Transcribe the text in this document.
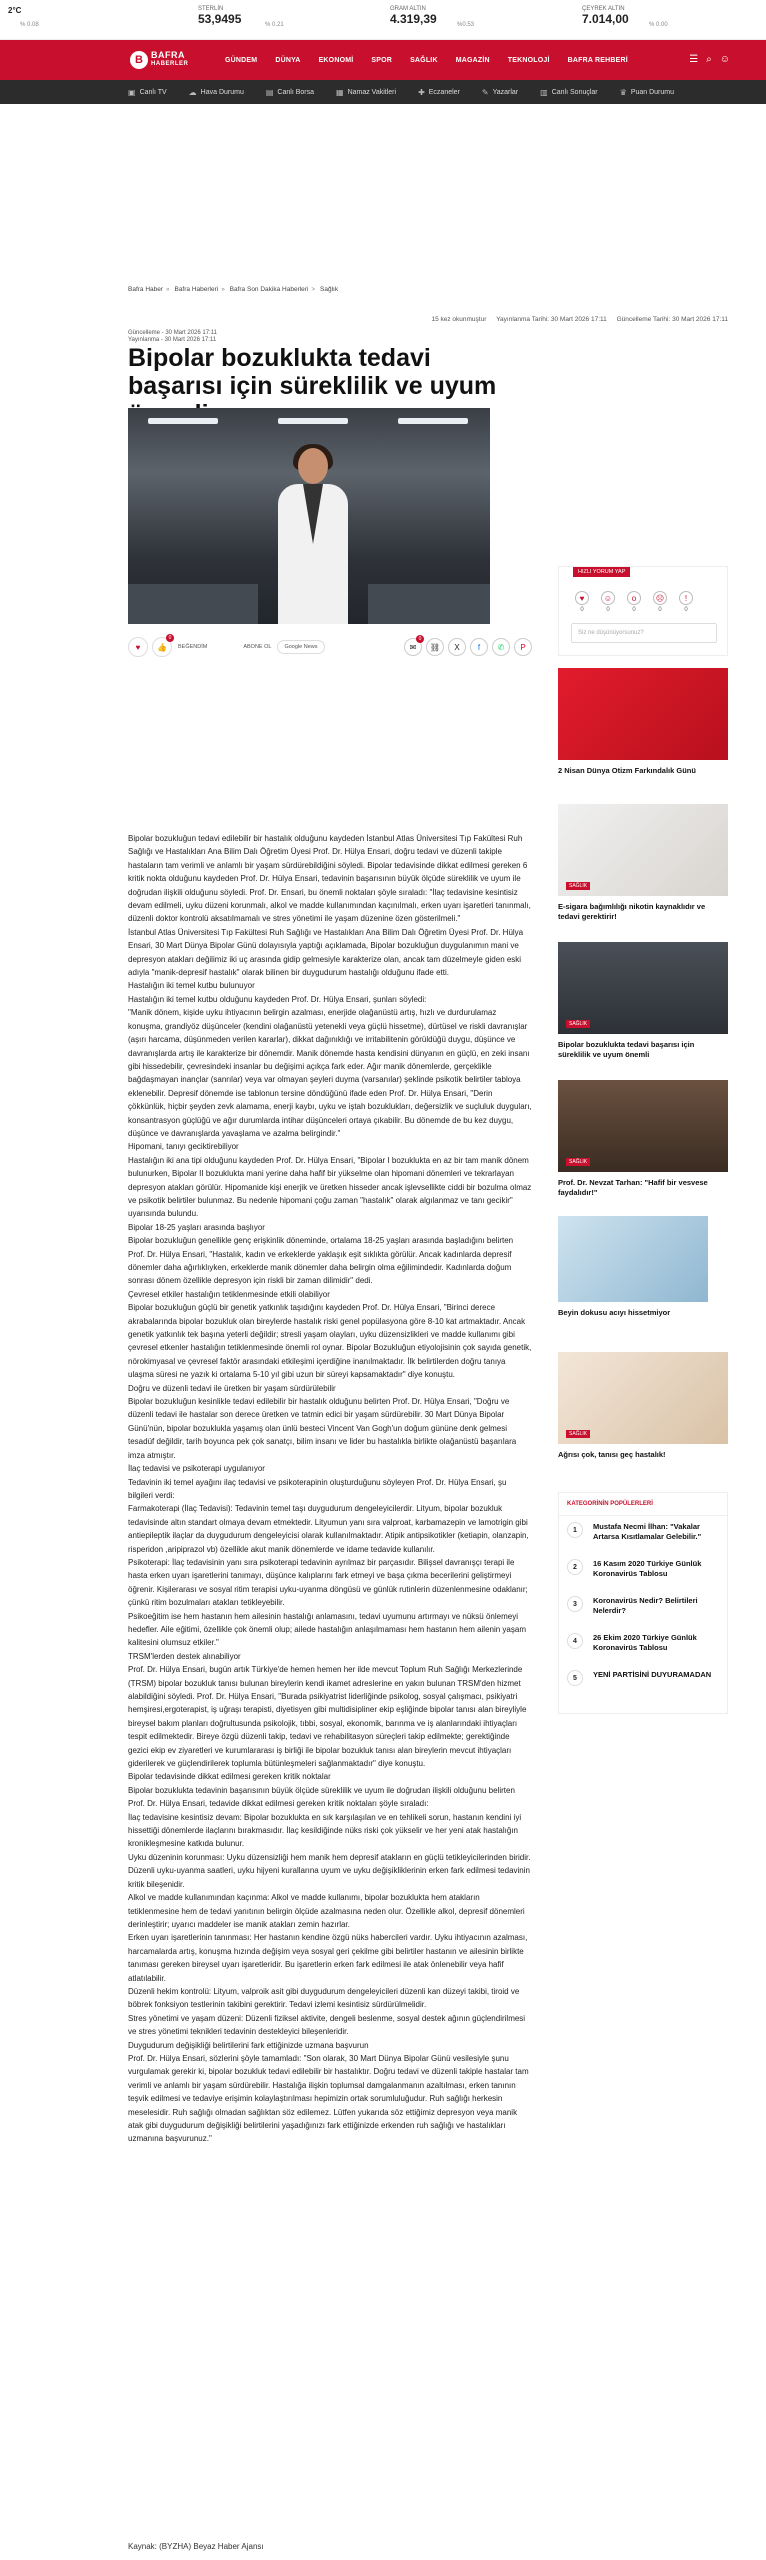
2°C
% 0.08
STERLİN
53,9495	% 0.21
GRAM ALTIN
4.319,39	%0.53
ÇEYREK ALTIN
7.014,00	% 0.00
B BAFRA
HABERLER
GÜNDEM	DÜNYA	EKONOMİ	SPOR	SAĞLIK	MAGAZİN	TEKNOLOJİ	BAFRA REHBERİ	☰ ⌕ ☺
▣ Canlı TV	☁ Hava Durumu	▤ Canlı Borsa	▦ Namaz Vakitleri	✚ Eczaneler	✎ Yazarlar	▥ Canlı Sonuçlar	♛ Puan Durumu
Bafra Haber » Bafra Haberleri » Bafra Son Dakika Haberleri > Sağlık
15 kez okunmuştur Yayınlanma Tarihi: 30 Mart 2026 17:11 Güncelleme Tarihi: 30 Mart 2026 17:11
Güncelleme - 30 Mart 2026 17:11
Yayınlanma - 30 Mart 2026 17:11
Bipolar bozuklukta tedavi başarısı için süreklilik ve uyum
♥	👍
0
BEĞENDİM	ABONE OL Google News	✉
0
⛓	X	f	✆	P

Bipolar bozukluğun tedavi edilebilir bir hastalık olduğunu kaydeden İstanbul Atlas Üniversitesi Tıp Fakültesi Ruh Sağlığı ve Hastalıkları Ana Bilim Dalı Öğretim Üyesi Prof. Dr. Hülya Ensari, doğru tedavi ve düzenli takiple hastaların tam verimli ve anlamlı bir yaşam sürdürebildiğini söyledi. Bipolar tedavisinde dikkat edilmesi gereken 6 kritik nokta olduğunu kaydeden Prof. Dr. Hülya Ensari, tedavinin başarısının büyük ölçüde süreklilik ve uyum ile doğrudan ilişkili olduğunu söyledi. Prof. Dr. Ensari, bu önemli noktaları şöyle sıraladı: "İlaç tedavisine kesintisiz devam edilmeli, uyku düzeni korunmalı, alkol ve madde kullanımından kaçınılmalı, erken uyarı işaretleri tanınmalı, düzenli doktor kontrolü aksatılmamalı ve stres yönetimi ile yaşam düzenine özen gösterilmeli."

İstanbul Atlas Üniversitesi Tıp Fakültesi Ruh Sağlığı ve Hastalıkları Ana Bilim Dalı Öğretim Üyesi Prof. Dr. Hülya Ensari, 30 Mart Dünya Bipolar Günü dolayısıyla yaptığı açıklamada, Bipolar bozukluğun duygulanımın mani ve depresyon atakları değilimiz iki uç arasında gidip gelmesiyle karakterize olan, ancak tam düzelmeyle giden eski adıyla "manik-depresif hastalık" olarak bilinen bir duygudurum hastalığı olduğunu ifade etti.

Hastalığın iki temel kutbu bulunuyor

Hastalığın iki temel kutbu olduğunu kaydeden Prof. Dr. Hülya Ensari, şunları söyledi:

"Manik dönem, kişide uyku ihtiyacının belirgin azalması, enerjide olağanüstü artış, hızlı ve durdurulamaz konuşma, grandiyöz düşünceler (kendini olağanüstü yetenekli veya güçlü hissetme), dürtüsel ve riskli davranışlar (aşırı harcama, düşünmeden verilen kararlar), dikkat dağınıklığı ve irritabilitenin görüldüğü duygu, düşünce ve davranışlarda artış ile karakterize bir dönemdir. Manik dönemde hasta kendisini dünyanın en güçlü, en zeki insanı gibi hissedebilir, çevresindeki insanlar bu değişimi açıkça fark eder. Ağır manik dönemlerde, gerçeklikle bağdaşmayan inançlar (sanrılar) veya var olmayan şeyleri duyma (varsanılar) şeklinde psikotik belirtiler tabloya eklenebilir. Depresif dönemde ise tablonun tersine döndüğünü ifade eden Prof. Dr. Hülya Ensari, "Derin çökkünlük, hiçbir şeyden zevk alamama, enerji kaybı, uyku ve iştah bozuklukları, değersizlik ve suçluluk duyguları, konsantrasyon güçlüğü ve ağır durumlarda intihar düşünceleri ortaya çıkabilir. Bu dönemde de bu kez duygu, düşünce ve davranışlarda yavaşlama ve azalma belirgindir."

Hipomani, tanıyı geciktirebiliyor

Hastalığın iki ana tipi olduğunu kaydeden Prof. Dr. Hülya Ensari, "Bipolar I bozuklukta en az bir tam manik dönem bulunurken, Bipolar II bozuklukta mani yerine daha hafif bir yükselme olan hipomani dönemleri ve tekrarlayan depresyon atakları görülür. Hipomanide kişi enerjik ve üretken hisseder ancak işlevsellikte ciddi bir bozulma olmaz ve psikotik belirtiler bulunmaz. Bu nedenle hipomani çoğu zaman "hastalık" olarak algılanmaz ve tanı gecikir" uyarısında bulundu.

Bipolar 18-25 yaşları arasında başlıyor

Bipolar bozukluğun genellikle genç erişkinlik döneminde, ortalama 18-25 yaşları arasında başladığını belirten Prof. Dr. Hülya Ensari, "Hastalık, kadın ve erkeklerde yaklaşık eşit sıklıkta görülür. Ancak kadınlarda depresif dönemler daha ağırlıklıyken, erkeklerde manik dönemler daha belirgin olma eğilimindedir. Kadınlarda doğum sonrası dönem özellikle depresyon için riskli bir zaman dilimidir" dedi.

Çevresel etkiler hastalığın tetiklenmesinde etkili olabiliyor

Bipolar bozukluğun güçlü bir genetik yatkınlık taşıdığını kaydeden Prof. Dr. Hülya Ensari, "Birinci derece akrabalarında bipolar bozukluk olan bireylerde hastalık riski genel popülasyona göre 8-10 kat artmaktadır. Ancak genetik yatkınlık tek başına yeterli değildir; stresli yaşam olayları, uyku düzensizlikleri ve madde kullanımı gibi çevresel etkenler hastalığın tetiklenmesinde önemli rol oynar. Bipolar Bozukluğun etiyolojisinin çok sayıda genetik, nörokimyasal ve çevresel faktör arasındaki etkileşimi içerdiğine inanılmaktadır. İlk belirtilerden doğru tanıya ulaşma süresi ne yazık ki ortalama 5-10 yıl gibi uzun bir süreyi kapsamaktadır" diye konuştu.

Doğru ve düzenli tedavi ile üretken bir yaşam sürdürülebilir

Bipolar bozukluğun kesinlikle tedavi edilebilir bir hastalık olduğunu belirten Prof. Dr. Hülya Ensari, "Doğru ve düzenli tedavi ile hastalar son derece üretken ve tatmin edici bir yaşam sürdürebilir. 30 Mart Dünya Bipolar Günü'nün, bipolar bozuklukla yaşamış olan ünlü besteci Vincent Van Gogh'un doğum gününe denk gelmesi tesadüf değildir, tarih boyunca pek çok sanatçı, bilim insanı ve lider bu hastalıkla birlikte olağanüstü başarılara imza atmıştır.

İlaç tedavisi ve psikoterapi uygulanıyor

Tedavinin iki temel ayağını ilaç tedavisi ve psikoterapinin oluşturduğunu söyleyen Prof. Dr. Hülya Ensari, şu bilgileri verdi:

Farmakoterapi (İlaç Tedavisi): Tedavinin temel taşı duygudurum dengeleyicilerdir. Lityum, bipolar bozukluk tedavisinde altın standart olmaya devam etmektedir. Lityumun yanı sıra valproat, karbamazepin ve lamotrigin gibi antiepileptik ilaçlar da duygudurum dengeleyicisi olarak kullanılmaktadır. Atipik antipsikotikler (ketiapin, olanzapin, risperidon ,aripiprazol vb) özellikle akut manik dönemlerde ve idame tedavide kullanılır.

Psikoterapi: İlaç tedavisinin yanı sıra psikoterapi tedavinin ayrılmaz bir parçasıdır. Bilişsel davranışçı terapi ile hasta erken uyarı işaretlerini tanımayı, düşünce kalıplarını fark etmeyi ve başa çıkma becerilerini geliştirmeyi öğrenir. Kişilerarası ve sosyal ritim terapisi uyku-uyanma döngüsü ve günlük rutinlerin düzenlenmesine odaklanır; çünkü ritim bozulmaları atakları tetikleyebilir.

Psikoeğitim ise hem hastanın hem ailesinin hastalığı anlamasını, tedavi uyumunu artırmayı ve nüksü önlemeyi hedefler. Aile eğitimi, özellikle çok önemli olup; ailede hastalığın anlaşılmaması hem hastanın hem ailenin yaşam kalitesini olumsuz etkiler."

TRSM'lerden destek alınabiliyor

Prof. Dr. Hülya Ensari, bugün artık Türkiye'de hemen hemen her ilde mevcut Toplum Ruh Sağlığı Merkezlerinde (TRSM) bipolar bozukluk tanısı bulunan bireylerin kendi ikamet adreslerine en yakın bulunan TRSM'den hizmet alabildiğini söyledi. Prof. Dr. Hülya Ensari, "Burada psikiyatrist liderliğinde psikolog, sosyal çalışmacı, psikiyatri hemşiresi,ergoterapist, iş uğraşı terapisti, diyetisyen gibi multidisipliner ekip eşliğinde bipolar tanısı alan bireyliyle bireysel bakım planları doğrultusunda psikolojik, tıbbi, sosyal, ekonomik, barınma ve iş alanlarındaki ihtiyaçları tespit edilmektedir. Bireye özgü düzenli takip, tedavi ve rehabilitasyon süreçleri takip edilmekte; gerektiğinde gezici ekip ev ziyaretleri ve kurumlararası iş birliği ile bipolar bozukluk tanısı alan bireylerin mevcut ihtiyaçları giderilerek ve güçlendirilerek toplumla bütünleşmeleri sağlanmaktadır" diye konuştu.

Bipolar tedavisinde dikkat edilmesi gereken kritik noktalar

Bipolar bozuklukta tedavinin başarısının büyük ölçüde süreklilik ve uyum ile doğrudan ilişkili olduğunu belirten Prof. Dr. Hülya Ensari, tedavide dikkat edilmesi gereken kritik noktaları şöyle sıraladı:

İlaç tedavisine kesintisiz devam: Bipolar bozuklukta en sık karşılaşılan ve en tehlikeli sorun, hastanın kendini iyi hissettiği dönemlerde ilaçlarını bırakmasıdır. İlaç kesildiğinde nüks riski çok yükselir ve her yeni atak hastalığın kronikleşmesine katkıda bulunur.

Uyku düzeninin korunması: Uyku düzensizliği hem manik hem depresif atakların en güçlü tetikleyicilerinden biridir. Düzenli uyku-uyanma saatleri, uyku hijyeni kurallarına uyum ve uyku değişikliklerinin erken fark edilmesi tedavinin kritik bileşenidir.

Alkol ve madde kullanımından kaçınma: Alkol ve madde kullanımı, bipolar bozuklukta hem atakların tetiklenmesine hem de tedavi yanıtının belirgin ölçüde azalmasına neden olur. Özellikle alkol, depresif dönemleri derinleştirir; uyarıcı maddeler ise manik atakları zemin hazırlar.

Erken uyarı işaretlerinin tanınması: Her hastanın kendine özgü nüks habercileri vardır. Uyku ihtiyacının azalması, harcamalarda artış, konuşma hızında değişim veya sosyal geri çekilme gibi belirtiler hastanın ve ailesinin birlikte tanıması gereken bireysel uyarı işaretleridir. Bu işaretlerin erken fark edilmesi ile atak önlenebilir veya hafif atlatılabilir.

Düzenli hekim kontrolü: Lityum, valproik asit gibi duygudurum dengeleyicileri düzenli kan düzeyi takibi, tiroid ve böbrek fonksiyon testlerinin takibini gerektirir. Tedavi izlemi kesintisiz sürdürülmelidir.

Stres yönetimi ve yaşam düzeni: Düzenli fiziksel aktivite, dengeli beslenme, sosyal destek ağının güçlendirilmesi ve stres yönetimi teknikleri tedavinin destekleyici bileşenleridir.

Duygudurum değişikliği belirtilerini fark ettiğinizde uzmana başvurun

Prof. Dr. Hülya Ensari, sözlerini şöyle tamamladı: "Son olarak, 30 Mart Dünya Bipolar Günü vesilesiyle şunu vurgulamak gerekir ki, bipolar bozukluk tedavi edilebilir bir hastalıktır. Doğru tedavi ve düzenli takiple hastalar tam verimli ve anlamlı bir yaşam sürdürebilir. Hastalığa ilişkin toplumsal damgalanmanın azaltılması, erken tanının teşvik edilmesi ve tedaviye erişimin kolaylaştırılması hepimizin ortak sorumluluğudur. Ruh sağlığı herkesin meselesidir. Ruh sağlığı olmadan sağlıktan söz edilemez. Lütfen yukarıda söz ettiğimiz depresyon veya manik atak gibi duygudurum değişikliği belirtilerini yaşadığınızı fark ettiğinizde erkenden ruh sağlığı ve hastalıkları uzmanına başvurunuz."

Kaynak: (BYZHA) Beyaz Haber Ajansı
HIZLI YORUM YAP
♥
0
☺
0
o
0
☹
0
!
0
Siz ne düşünüyorsunuz?
2 Nisan Dünya Otizm Farkındalık Günü
SAĞLIK
E-sigara bağımlılığı nikotin kaynaklıdır ve tedavi gerektirir!
SAĞLIK
Bipolar bozuklukta tedavi başarısı için süreklilik ve uyum önemli
SAĞLIK
Prof. Dr. Nevzat Tarhan: "Hafif bir vesvese faydalıdır!"
Beyin dokusu acıyı hissetmiyor
SAĞLIK
Ağrısı çok, tanısı geç hastalık!
KATEGORİNİN POPÜLERLERİ
1	Mustafa Necmi İlhan: "Vakalar Artarsa Kısıtlamalar Gelebilir."
2	16 Kasım 2020 Türkiye Günlük Koronavirüs Tablosu
3	Koronavirüs Nedir? Belirtileri Nelerdir?
4	26 Ekim 2020 Türkiye Günlük Koronavirüs Tablosu
5	YENİ PARTİSİNİ DUYURAMADAN
